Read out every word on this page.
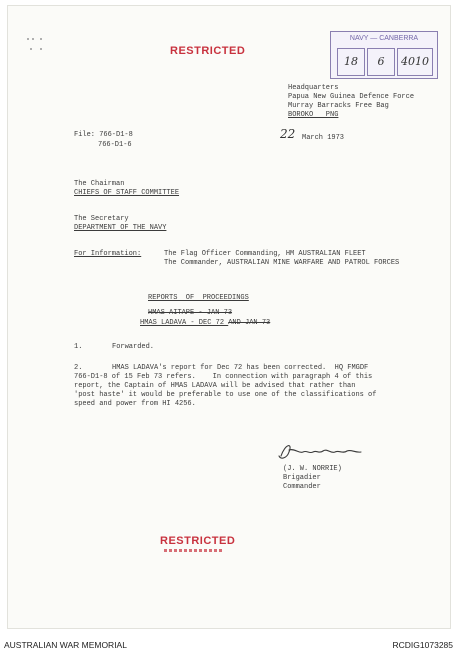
RESTRICTED
NAVY — CANBERRA
18	6	4010
Headquarters
Papua New Guinea Defence Force
Murray Barracks Free Bag
BOROKO   PNG
File: 766-D1-8
766-D1-6
22 March 1973
The Chairman
CHIEFS OF STAFF COMMITTEE
The Secretary
DEPARTMENT OF THE NAVY
For Information:	The Flag Officer Commanding, HM AUSTRALIAN FLEET
The Commander, AUSTRALIAN MINE WARFARE AND PATROL FORCES
REPORTS  OF  PROCEEDINGS
HMAS AITAPE - JAN 73
HMAS LADAVA - DEC 72 AND JAN 73
1.	Forwarded.
2.	HMAS LADAVA's report for Dec 72 has been corrected.  HQ FMGDF
766-D1-8 of 15 Feb 73 refers.    In connection with paragraph 4 of this
report, the Captain of HMAS LADAVA will be advised that rather than
'post haste' it would be preferable to use one of the classifications of
speed and power from HI 4256.
(J. W. NORRIE)
Brigadier
Commander
RESTRICTED
AUSTRALIAN WAR MEMORIAL	RCDIG1073285
